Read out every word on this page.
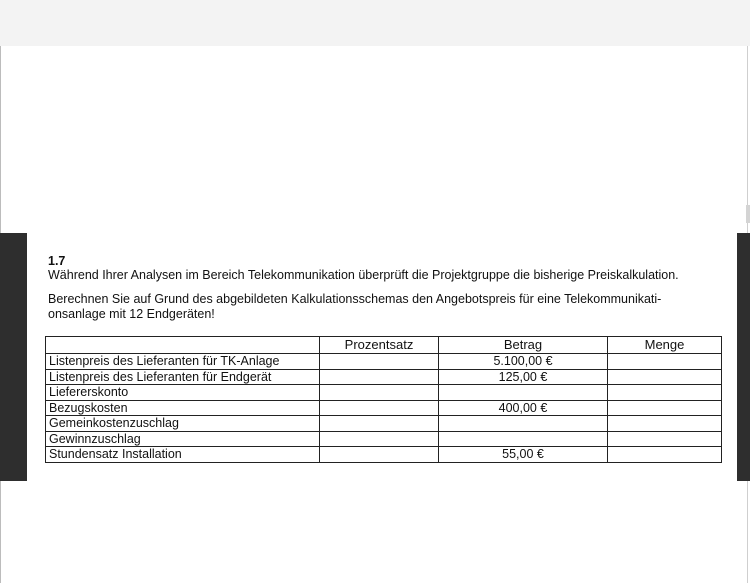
1.7

Während Ihrer Analysen im Bereich Telekommunikation überprüft die Projektgruppe die bisherige Preiskalkulation.

Berechnen Sie auf Grund des abgebildeten Kalkulationsschemas den Angebotspreis für eine Telekommunikati-
onsanlage mit 12 Endgeräten!
	Prozentsatz	Betrag	Menge
Listenpreis des Lieferanten für TK-Anlage		5.100,00 €	
Listenpreis des Lieferanten für Endgerät		125,00 €	
Liefererskonto			
Bezugskosten		400,00 €	
Gemeinkostenzuschlag			
Gewinnzuschlag			
Stundensatz Installation		55,00 €	
